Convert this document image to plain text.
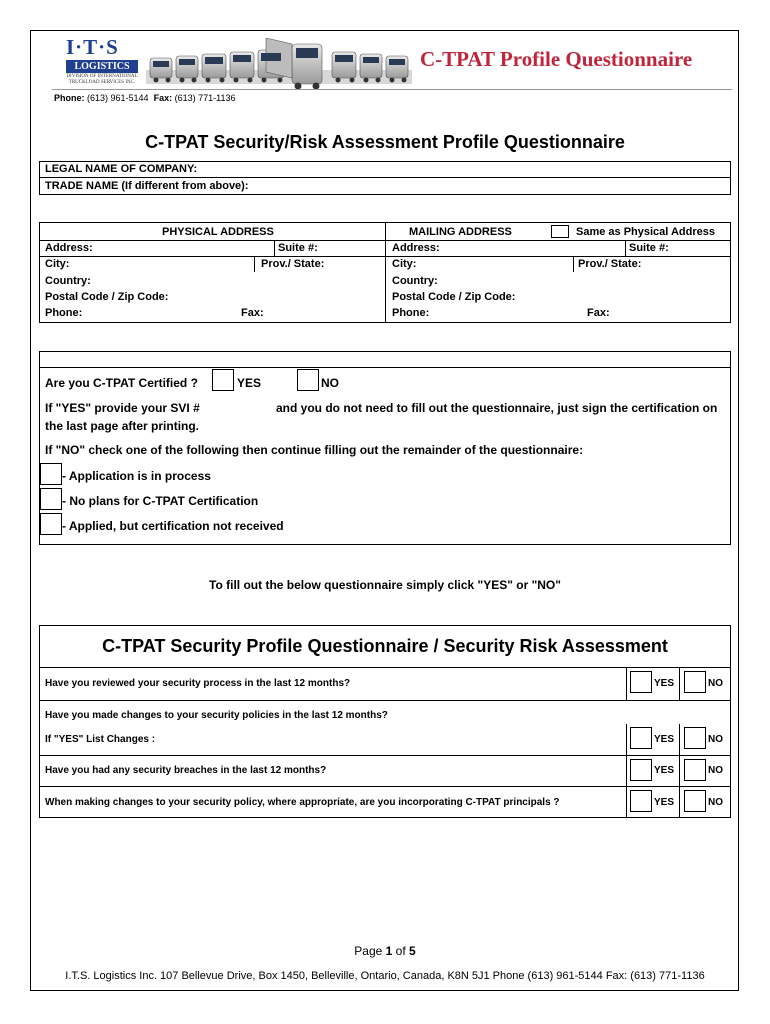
I·T·S
LOGISTICS
DIVISION OF INTERNATIONAL TRUCKLOAD SERVICES INC.
C-TPAT Profile Questionnaire
Phone: (613) 961-5144 Fax: (613) 771-1136
C-TPAT Security/Risk Assessment Profile Questionnaire
LEGAL NAME OF COMPANY:
TRADE NAME (If different from above):
PHYSICAL ADDRESS	MAILING ADDRESS	Same as Physical Address
Address:	Suite #:	Address:	Suite #:
City:	Prov./ State:	City:	Prov./ State:
Country:	Country:
Postal Code / Zip Code:	Postal Code / Zip Code:
Phone:	Fax:	Phone:	Fax:
Are you C-TPAT Certified ?	YES	NO
If "YES" provide your SVI #	and you do not need to fill out the questionnaire, just sign the certification on
the last page after printing.
If "NO" check one of the following then continue filling out the remainder of the questionnaire:
- Application is in process
- No plans for C-TPAT Certification
- Applied, but certification not received
To fill out the below questionnaire simply click "YES" or "NO"
C-TPAT Security Profile Questionnaire / Security Risk Assessment
Have you reviewed your security process in the last 12 months?	YES	NO
Have you made changes to your security policies in the last 12 months?
If "YES" List Changes :	YES	NO
Have you had any security breaches in the last 12 months?	YES	NO
When making changes to your security policy, where appropriate, are you incorporating C-TPAT principals ?	YES	NO
Page 1 of 5
I.T.S. Logistics Inc. 107 Bellevue Drive, Box 1450, Belleville, Ontario, Canada, K8N 5J1 Phone (613) 961-5144 Fax: (613) 771-1136
